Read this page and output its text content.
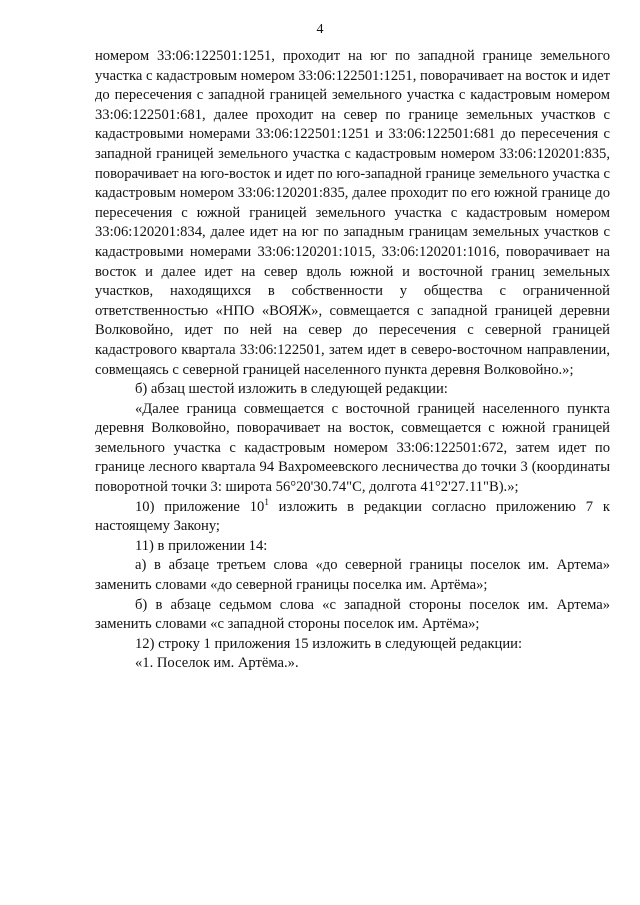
4

номером 33:06:122501:1251, проходит на юг по западной границе земельного участка с кадастровым номером 33:06:122501:1251, поворачивает на восток и идет до пересечения с западной границей земельного участка с кадастровым номером 33:06:122501:681, далее проходит на север по границе земельных участков с кадастровыми номерами 33:06:122501:1251 и 33:06:122501:681 до пересечения с западной границей земельного участка с кадастровым номером 33:06:120201:835, поворачивает на юго-восток и идет по юго-западной границе земельного участка с кадастровым номером 33:06:120201:835, далее проходит по его южной границе до пересечения с южной границей земельного участка с кадастровым номером 33:06:120201:834, далее идет на юг по западным границам земельных участков с кадастровыми номерами 33:06:120201:1015, 33:06:120201:1016, поворачивает на восток и далее идет на север вдоль южной и восточной границ земельных участков, находящихся в собственности у общества с ограниченной ответственностью «НПО «ВОЯЖ», совмещается с западной границей деревни Волковойно, идет по ней на север до пересечения с северной границей кадастрового квартала 33:06:122501, затем идет в северо-восточном направлении, совмещаясь с северной границей населенного пункта деревня Волковойно.»;

б) абзац шестой изложить в следующей редакции:

«Далее граница совмещается с восточной границей населенного пункта деревня Волковойно, поворачивает на восток, совмещается с южной границей земельного участка с кадастровым номером 33:06:122501:672, затем идет по границе лесного квартала 94 Вахромеевского лесничества до точки 3 (координаты поворотной точки 3: широта 56°20'30.74"С, долгота 41°2'27.11"В).»;

10) приложение $10^1$ изложить в редакции согласно приложению 7 к настоящему Закону;

11) в приложении 14:

а) в абзаце третьем слова «до северной границы поселок им. Артема» заменить словами «до северной границы поселка им. Артёма»;

б) в абзаце седьмом слова «с западной стороны поселок им. Артема» заменить словами «с западной стороны поселок им. Артёма»;

12) строку 1 приложения 15 изложить в следующей редакции:

«1. Поселок им. Артёма.».
